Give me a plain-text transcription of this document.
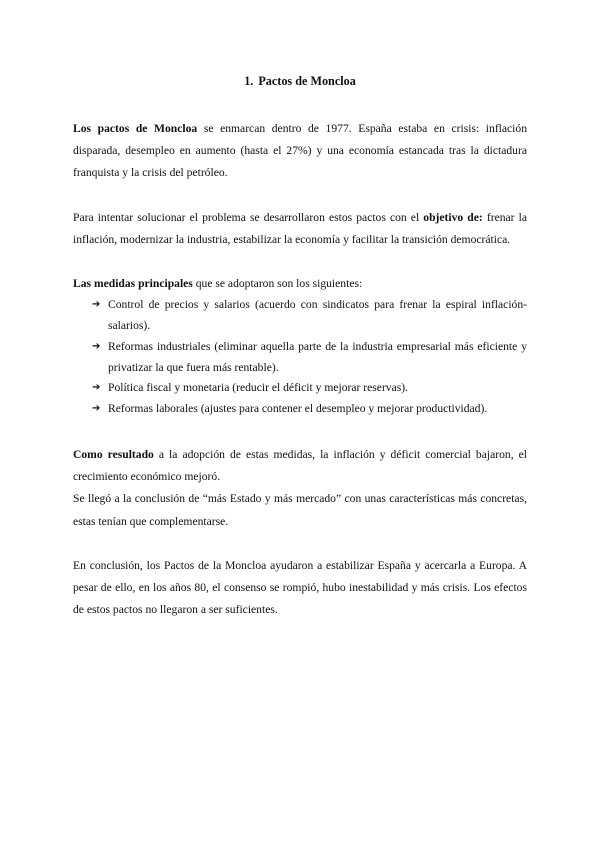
1. Pactos de Moncloa

Los pactos de Moncloa se enmarcan dentro de 1977. España estaba en crisis: inflación disparada, desempleo en aumento (hasta el 27%) y una economía estancada tras la dictadura franquista y la crisis del petróleo.

Para intentar solucionar el problema se desarrollaron estos pactos con el objetivo de: frenar la inflación, modernizar la industria, estabilizar la economía y facilitar la transición democrática.

Las medidas principales que se adoptaron son los siguientes:

➔ Control de precios y salarios (acuerdo con sindicatos para frenar la espiral inflación-salarios).
➔ Reformas industriales (eliminar aquella parte de la industria empresarial más eficiente y privatizar la que fuera más rentable).
➔ Política fiscal y monetaria (reducir el déficit y mejorar reservas).
➔ Reformas laborales (ajustes para contener el desempleo y mejorar productividad).

Como resultado a la adopción de estas medidas, la inflación y déficit comercial bajaron, el crecimiento económico mejoró.

Se llegó a la conclusión de “más Estado y más mercado” con unas características más concretas, estas tenían que complementarse.

En conclusión, los Pactos de la Moncloa ayudaron a estabilizar España y acercarla a Europa. A pesar de ello, en los años 80, el consenso se rompió, hubo inestabilidad y más crisis. Los efectos de estos pactos no llegaron a ser suficientes.
